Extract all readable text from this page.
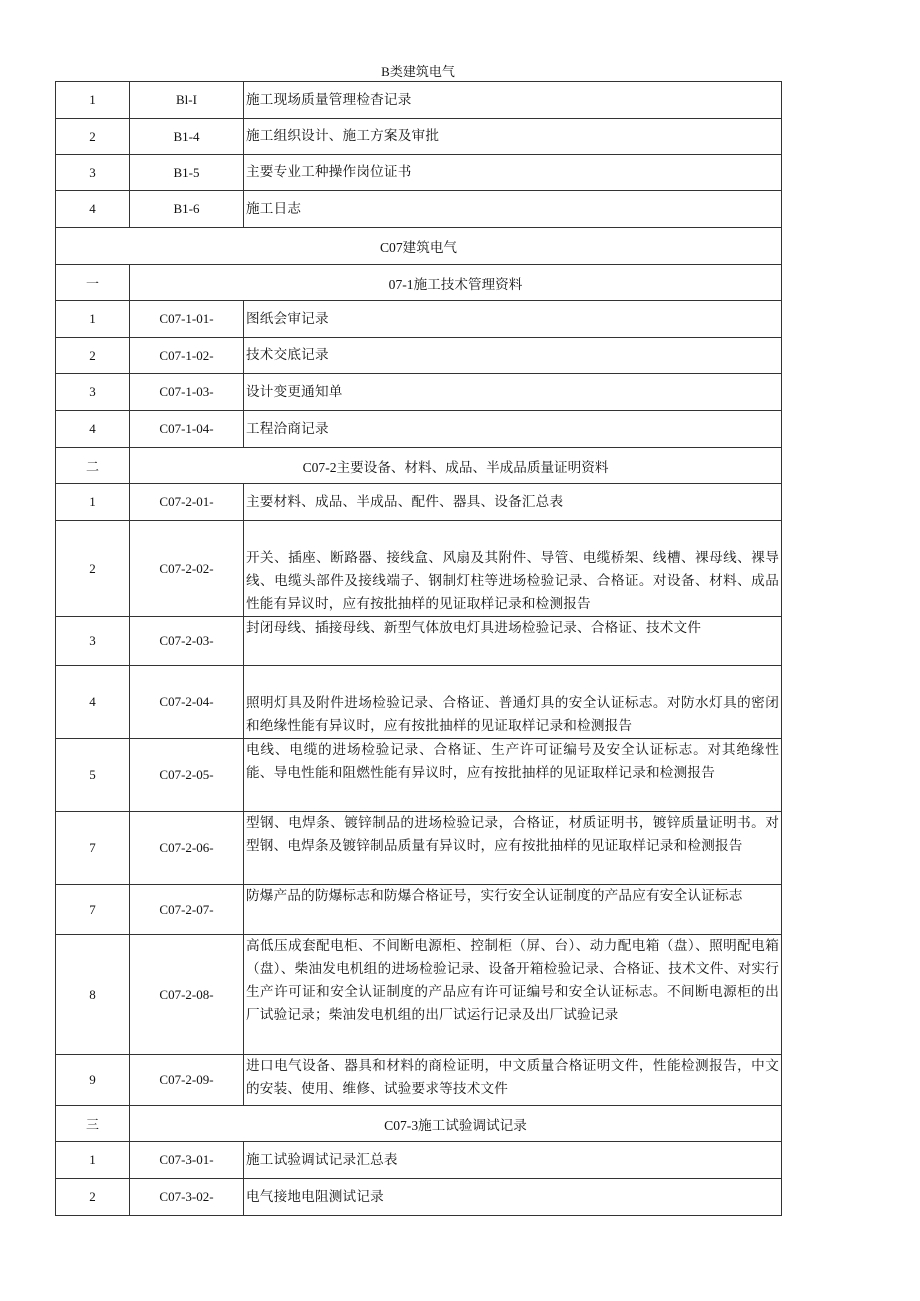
B类建筑电气
1	Bl-I	施工现场质量管理检杳记录
2	B1-4	施工组织设计、施工方案及审批
3	B1-5	主要专业工种操作岗位证书
4	B1-6	施工日志
C07建筑电气		
一	07-1施工技术管理资料	
1	C07-1-01-	图纸会审记录
2	C07-1-02-	技术交底记录
3	C07-1-03-	设计变更通知单
4	C07-1-04-	工程洽商记录
二	C07-2主要设备、材料、成品、半成品质量证明资料	
1	C07-2-01-	主要材料、成品、半成品、配件、器具、设备汇总表
2	C07-2-02-	开关、插座、断路器、接线盒、风扇及其附件、导管、电缆桥架、线槽、裸母线、裸导线、电缆头部件及接线端子、钢制灯柱等进场检验记录、合格证。对设备、材料、成品性能有异议时，应有按批抽样的见证取样记录和检测报告
3	C07-2-03-	封闭母线、插接母线、新型气体放电灯具进场检验记录、合格证、技术文件
4	C07-2-04-	照明灯具及附件进场检验记录、合格证、普通灯具的安全认证标志。对防水灯具的密闭和绝缘性能有异议时，应有按批抽样的见证取样记录和检测报告
5	C07-2-05-	电线、电缆的进场检验记录、合格证、生产许可证编号及安全认证标志。对其绝缘性能、导电性能和阻燃性能有异议时，应有按批抽样的见证取样记录和检测报告
7	C07-2-06-	型钢、电焊条、镀锌制品的进场检验记录，合格证，材质证明书，镀锌质量证明书。对型钢、电焊条及镀锌制品质量有异议时，应有按批抽样的见证取样记录和检测报告
7	C07-2-07-	防爆产品的防爆标志和防爆合格证号，实行安全认证制度的产品应有安全认证标志
8	C07-2-08-	高低压成套配电柜、不间断电源柜、控制柜（屏、台）、动力配电箱（盘）、照明配电箱（盘）、柴油发电机组的进场检验记录、设备开箱检验记录、合格证、技术文件、对实行生产许可证和安全认证制度的产品应有许可证编号和安全认证标志。不间断电源柜的出厂试验记录；柴油发电机组的出厂试运行记录及出厂试验记录
9	C07-2-09-	进口电气设备、器具和材料的商检证明，中文质量合格证明文件，性能检测报告，中文的安装、使用、维修、试验要求等技术文件
三	C07-3施工试验调试记录	
1	C07-3-01-	施工试验调试记录汇总表
2	C07-3-02-	电气接地电阻测试记录
